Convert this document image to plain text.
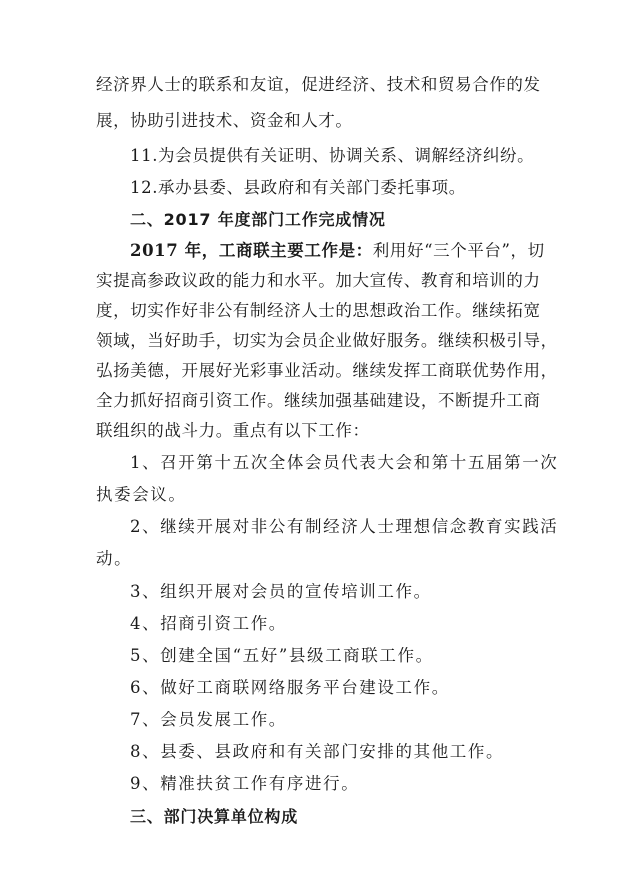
经济界人士的联系和友谊，促进经济、技术和贸易合作的发
展，协助引进技术、资金和人才。
11.为会员提供有关证明、协调关系、调解经济纠纷。
12.承办县委、县政府和有关部门委托事项。
二、2017 年度部门工作完成情况
2017 年，工商联主要工作是：利用好“三个平台”，切
实提高参政议政的能力和水平。加大宣传、教育和培训的力
度，切实作好非公有制经济人士的思想政治工作。继续拓宽
领域，当好助手，切实为会员企业做好服务。继续积极引导，
弘扬美德，开展好光彩事业活动。继续发挥工商联优势作用，
全力抓好招商引资工作。继续加强基础建设，不断提升工商
联组织的战斗力。重点有以下工作：
1、召开第十五次全体会员代表大会和第十五届第一次
执委会议。
2、继续开展对非公有制经济人士理想信念教育实践活
动。
3、组织开展对会员的宣传培训工作。
4、招商引资工作。
5、创建全国“五好”县级工商联工作。
6、做好工商联网络服务平台建设工作。
7、会员发展工作。
8、县委、县政府和有关部门安排的其他工作。
9、精准扶贫工作有序进行。
三、部门决算单位构成
